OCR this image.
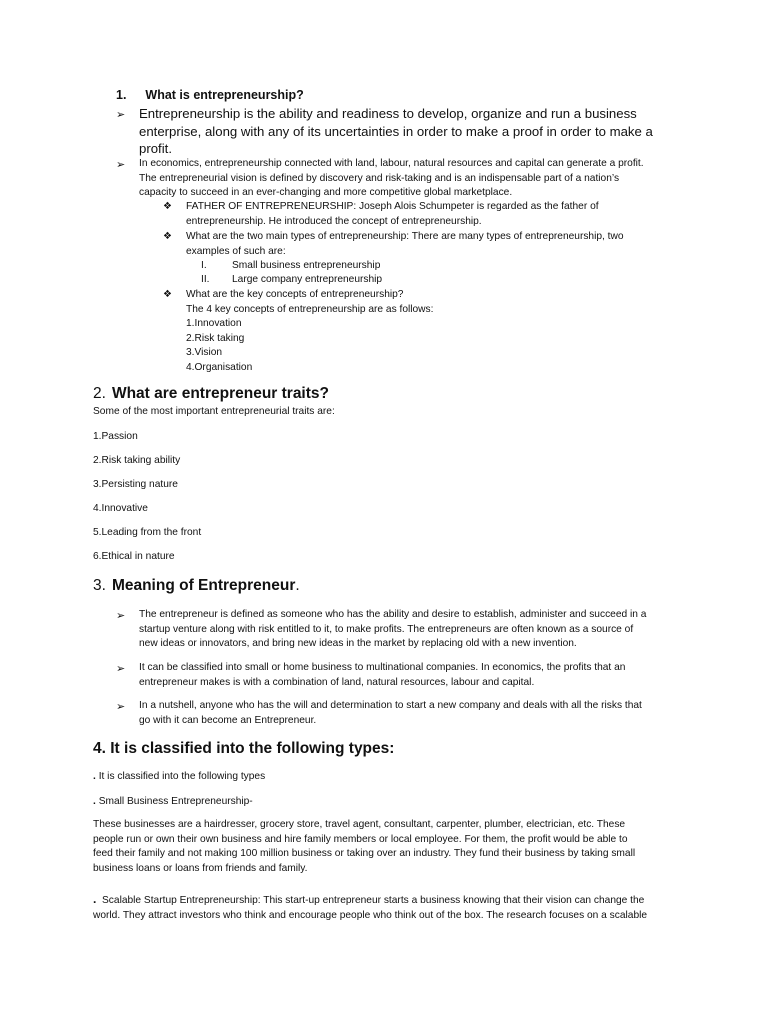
1. What is entrepreneurship?
➢ Entrepreneurship is the ability and readiness to develop, organize and run a business
enterprise, along with any of its uncertainties in order to make a proof in order to make a
profit.
➢ In economics, entrepreneurship connected with land, labour, natural resources and capital can generate a profit.
The entrepreneurial vision is defined by discovery and risk-taking and is an indispensable part of a nation’s
capacity to succeed in an ever-changing and more competitive global marketplace.
❖ FATHER OF ENTREPRENEURSHIP: Joseph Alois Schumpeter is regarded as the father of
entrepreneurship. He introduced the concept of entrepreneurship.
❖ What are the two main types of entrepreneurship: There are many types of entrepreneurship, two
examples of such are:
I. Small business entrepreneurship
II. Large company entrepreneurship
❖ What are the key concepts of entrepreneurship?
The 4 key concepts of entrepreneurship are as follows:
1.Innovation
2.Risk taking
3.Vision
4.Organisation
2. What are entrepreneur traits?
Some of the most important entrepreneurial traits are:
1.Passion
2.Risk taking ability
3.Persisting nature
4.Innovative
5.Leading from the front
6.Ethical in nature
3. Meaning of Entrepreneur.
➢ The entrepreneur is defined as someone who has the ability and desire to establish, administer and succeed in a
startup venture along with risk entitled to it, to make profits. The entrepreneurs are often known as a source of
new ideas or innovators, and bring new ideas in the market by replacing old with a new invention.
➢ It can be classified into small or home business to multinational companies. In economics, the profits that an
entrepreneur makes is with a combination of land, natural resources, labour and capital.
➢ In a nutshell, anyone who has the will and determination to start a new company and deals with all the risks that
go with it can become an Entrepreneur.
4. It is classified into the following types:
. It is classified into the following types
. Small Business Entrepreneurship-
These businesses are a hairdresser, grocery store, travel agent, consultant, carpenter, plumber, electrician, etc. These
people run or own their own business and hire family members or local employee. For them, the profit would be able to
feed their family and not making 100 million business or taking over an industry. They fund their business by taking small
business loans or loans from friends and family.
. Scalable Startup Entrepreneurship: This start-up entrepreneur starts a business knowing that their vision can change the
world. They attract investors who think and encourage people who think out of the box. The research focuses on a scalable
